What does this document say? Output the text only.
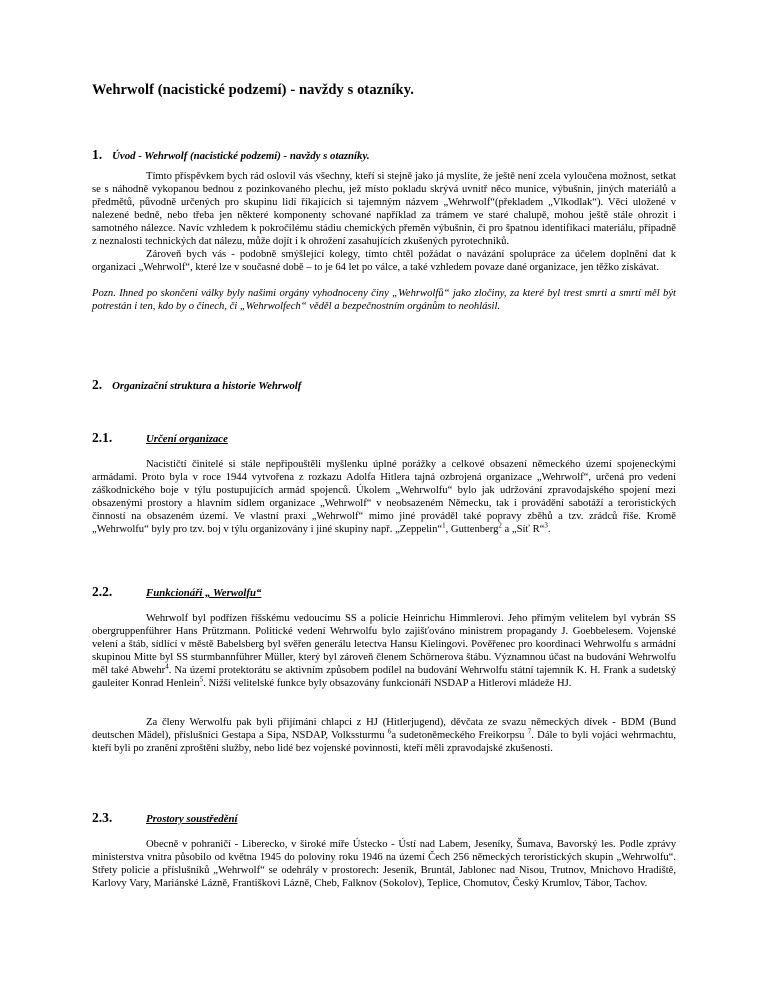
Wehrwolf (nacistické podzemí) - navždy s otazníky.
1. Úvod - Wehrwolf (nacistické podzemí) - navždy s otazníky.
Tímto příspěvkem bych rád oslovil vás všechny, kteří si stejně jako já myslíte, že ještě není zcela vyloučena možnost, setkat se s náhodně vykopanou bednou z pozinkovaného plechu, jež místo pokladu skrývá uvnitř něco munice, výbušnin, jiných materiálů a předmětů, původně určených pro skupinu lidí říkajících si tajemným názvem „Wehrwolf“(překladem „Vlkodlak“). Věci uložené v nalezené bedně, nebo třeba jen některé komponenty schované například za trámem ve staré chalupě, mohou ještě stále ohrozit i samotného nálezce. Navíc vzhledem k pokročilému stádiu chemických přeměn výbušnin, či pro špatnou identifikaci materiálu, případně z neznalosti technických dat nálezu, může dojít i k ohrožení zasahujících zkušených pyrotechniků.
Zároveň bych vás - podobně smýšlející kolegy, tímto chtěl požádat o navázání spolupráce za účelem doplnění dat k organizaci „Wehrwolf“, které lze v současné době – to je 64 let po válce, a také vzhledem povaze dané organizace, jen těžko získávat.
Pozn. Ihned po skončení války byly našimi orgány vyhodnoceny činy „Wehrwolfů“ jako zločiny, za které byl trest smrti a smrtí měl být potrestán i ten, kdo by o činech, či „Wehrwolfech“ věděl a bezpečnostním orgánům to neohlásil.
2. Organizační struktura a historie Wehrwolf
2.1.	Určení organizace
Nacističtí činitelé si stále nepřipouštěli myšlenku úplné porážky a celkové obsazení německého území spojeneckými armádami. Proto byla v roce 1944 vytvořena z rozkazu Adolfa Hitlera tajná ozbrojená organizace „Wehrwolf“, určená pro vedení záškodnického boje v týlu postupujících armád spojenců. Úkolem „Wehrwolfu“ bylo jak udržování zpravodajského spojení mezi obsazenými prostory a hlavním sídlem organizace „Wehrwolf“ v neobsazeném Německu, tak i provádění sabotáží a teroristických činností na obsazeném území. Ve vlastní praxi „Wehrwolf“ mimo jiné prováděl také popravy zběhů a tzv. zrádců říše. Kromě „Wehrwolfu“ byly pro tzv. boj v týlu organizovány i jiné skupiny např. „Zeppelin“$^1$, Guttenberg$^2$ a „Síť R“$^3$.
2.2.	Funkcionáři „ Werwolfu“
Wehrwolf byl podřízen říšskému vedoucímu SS a policie Heinrichu Himmlerovi. Jeho přímým velitelem byl vybrán SS obergruppenführer Hans Prützmann. Politické vedení Wehrwolfu bylo zajišťováno ministrem propagandy J. Goebbelesem. Vojenské velení a štáb, sídlící v městě Babelsberg byl svěřen generálu letectva Hansu Kielingovi. Pověřenec pro koordinaci Wehrwolfu s armádní skupinou Mitte byl SS sturmbannführer Müller, který byl zároveň členem Schörnerova štábu. Významnou účast na budování Wehrwolfu měl také Abwehr$^4$. Na území protektorátu se aktivním způsobem podílel na budování Wehrwolfu státní tajemník K. H. Frank a sudetský gauleiter Konrad Henlein$^5$. Nižší velitelské funkce byly obsazovány funkcionáři NSDAP a Hitlerovi mládeže HJ.
Za členy Werwolfu pak byli přijímáni chlapci z HJ (Hitlerjugend), děvčata ze svazu německých dívek - BDM (Bund deutschen Mädel), příslušníci Gestapa a Sipa, NSDAP, Volkssturmu $^6$a sudetoněmeckého Freikorpsu $^7$. Dále to byli vojáci wehrmachtu, kteří byli po zranění zproštěni služby, nebo lidé bez vojenské povinnosti, kteří měli zpravodajské zkušenosti.
2.3.	Prostory soustředění
Obecně v pohraničí - Liberecko, v široké míře Ústecko - Ústí nad Labem, Jeseníky, Šumava, Bavorský les. Podle zprávy ministerstva vnitra působilo od května 1945 do poloviny roku 1946 na území Čech 256 německých teroristických skupin „Wehrwolfu“. Střety policie a příslušníků „Wehrwolf“ se odehrály v prostorech: Jeseník, Bruntál, Jablonec nad Nisou, Trutnov, Mnichovo Hradiště, Karlovy Vary, Mariánské Lázně, Františkovi Lázně, Cheb, Falknov (Sokolov), Teplice, Chomutov, Český Krumlov, Tábor, Tachov.
